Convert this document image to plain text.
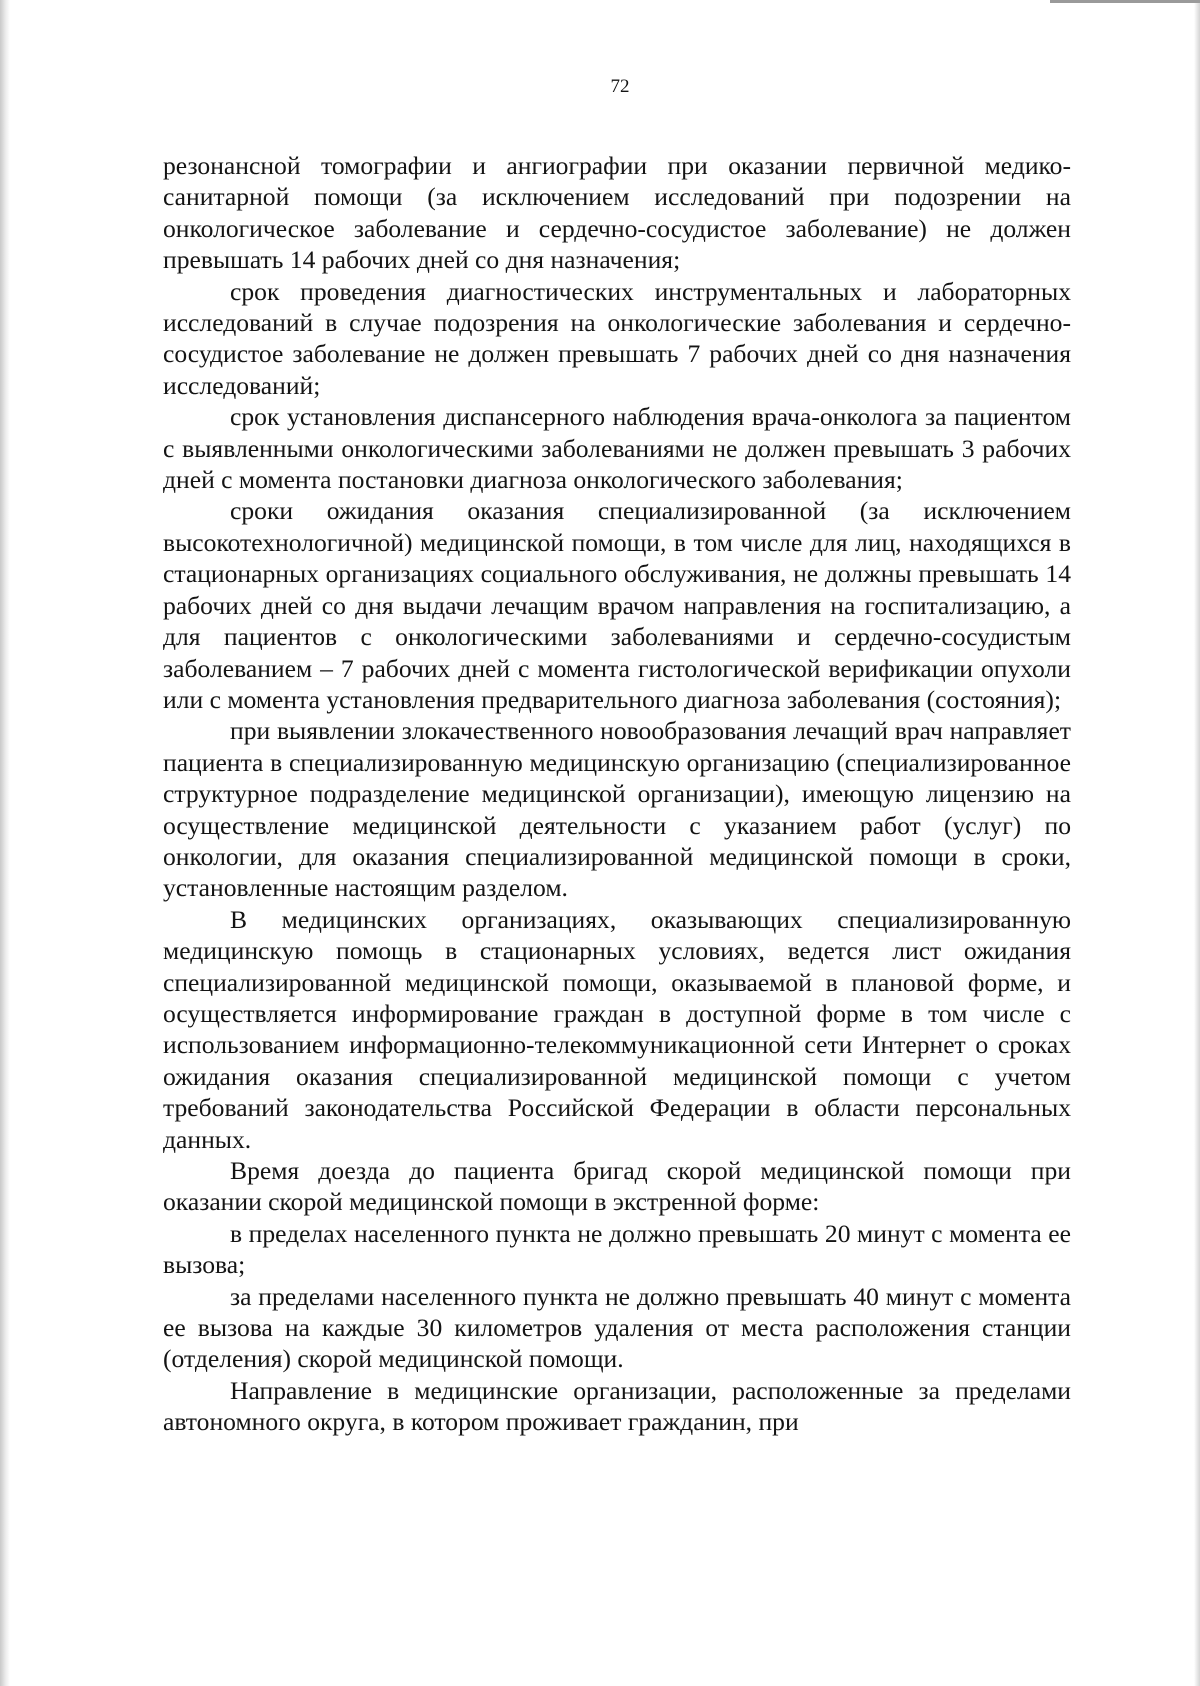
72

резонансной томографии и ангиографии при оказании первичной медико-санитарной помощи (за исключением исследований при подозрении на онкологическое заболевание и сердечно-сосудистое заболевание) не должен превышать 14 рабочих дней со дня назначения;

срок проведения диагностических инструментальных и лабораторных исследований в случае подозрения на онкологические заболевания и сердечно-сосудистое заболевание не должен превышать 7 рабочих дней со дня назначения исследований;

срок установления диспансерного наблюдения врача-онколога за пациентом с выявленными онкологическими заболеваниями не должен превышать 3 рабочих дней с момента постановки диагноза онкологического заболевания;

сроки ожидания оказания специализированной (за исключением высокотехнологичной) медицинской помощи, в том числе для лиц, находящихся в стационарных организациях социального обслуживания, не должны превышать 14 рабочих дней со дня выдачи лечащим врачом направления на госпитализацию, а для пациентов с онкологическими заболеваниями и сердечно-сосудистым заболеванием – 7 рабочих дней с момента гистологической верификации опухоли или с момента установления предварительного диагноза заболевания (состояния);

при выявлении злокачественного новообразования лечащий врач направляет пациента в специализированную медицинскую организацию (специализированное структурное подразделение медицинской организации), имеющую лицензию на осуществление медицинской деятельности с указанием работ (услуг) по онкологии, для оказания специализированной медицинской помощи в сроки, установленные настоящим разделом.

В медицинских организациях, оказывающих специализированную медицинскую помощь в стационарных условиях, ведется лист ожидания специализированной медицинской помощи, оказываемой в плановой форме, и осуществляется информирование граждан в доступной форме в том числе с использованием информационно-телекоммуникационной сети Интернет о сроках ожидания оказания специализированной медицинской помощи с учетом требований законодательства Российской Федерации в области персональных данных.

Время доезда до пациента бригад скорой медицинской помощи при оказании скорой медицинской помощи в экстренной форме:

в пределах населенного пункта не должно превышать 20 минут с момента ее вызова;

за пределами населенного пункта не должно превышать 40 минут с момента ее вызова на каждые 30 километров удаления от места расположения станции (отделения) скорой медицинской помощи.

Направление в медицинские организации, расположенные за пределами автономного округа, в котором проживает гражданин, при
